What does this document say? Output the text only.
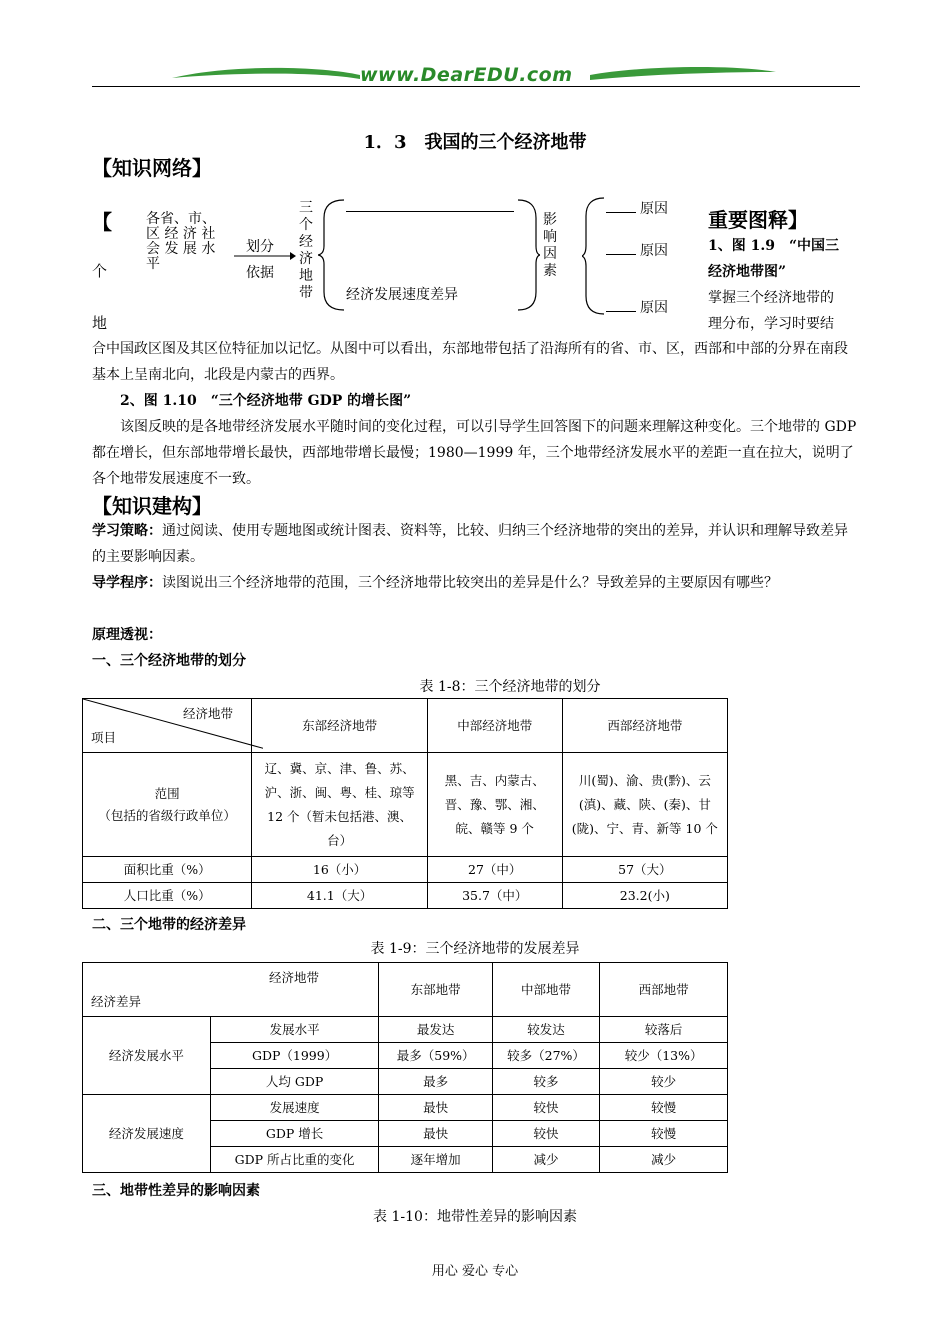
www.DearEDU.com
1．3　我国的三个经济地带
【知识网络】
【
个
地
各省、市、
区 经 济 社
会 发 展 水
平
划分
依据
三个经济地带 经济发展速度差异
影响因素
原因
原因
原因
重要图释】
1、图 1.9　“中国三
经济地带图”
掌握三个经济地带的
理分布，学习时要结
合中国政区图及其区位特征加以记忆。从图中可以看出，东部地带包括了沿海所有的省、市、区，西部和中部的分界在南段基本上呈南北向，北段是内蒙古的西界。
2、图 1.10　“三个经济地带 GDP 的增长图”
该图反映的是各地带经济发展水平随时间的变化过程，可以引导学生回答图下的问题来理解这种变化。三个地带的 GDP 都在增长，但东部地带增长最快，西部地带增长最慢；1980—1999 年，三个地带经济发展水平的差距一直在拉大，说明了各个地带发展速度不一致。
【知识建构】
学习策略：通过阅读、使用专题地图或统计图表、资料等，比较、归纳三个经济地带的突出的差异，并认识和理解导致差异的主要影响因素。
导学程序：读图说出三个经济地带的范围，三个经济地带比较突出的差异是什么？导致差异的主要原因有哪些？
原理透视：
一、三个经济地带的划分
表 1-8：三个经济地带的划分
经济地带
项目	东部经济地带	中部经济地带	西部经济地带

范围
（包括的省级行政单位）	辽、冀、京、津、鲁、苏、沪、浙、闽、粤、桂、琼等 12 个（暂未包括港、澳、台）	黑、吉、内蒙古、晋、豫、鄂、湘、皖、赣等 9 个	川(蜀)、渝、贵(黔)、云(滇)、藏、陕、(秦)、甘(陇)、宁、青、新等 10 个
面积比重（%）	16（小）	27（中）	57（大）
人口比重（%）	41.1（大）	35.7（中）	23.2(小)
二、三个地带的经济差异
表 1-9：三个经济地带的发展差异
经济地带
经济差异		东部地带	中部地带	西部地带
经济发展水平	发展水平	最发达	较发达	较落后
	GDP（1999）	最多（59%）	较多（27%）	较少（13%）
	人均 GDP	最多	较多	较少
经济发展速度	发展速度	最快	较快	较慢
	GDP 增长	最快	较快	较慢
	GDP 所占比重的变化	逐年增加	减少	减少
三、地带性差异的影响因素
表 1-10：地带性差异的影响因素
用心 爱心 专心
